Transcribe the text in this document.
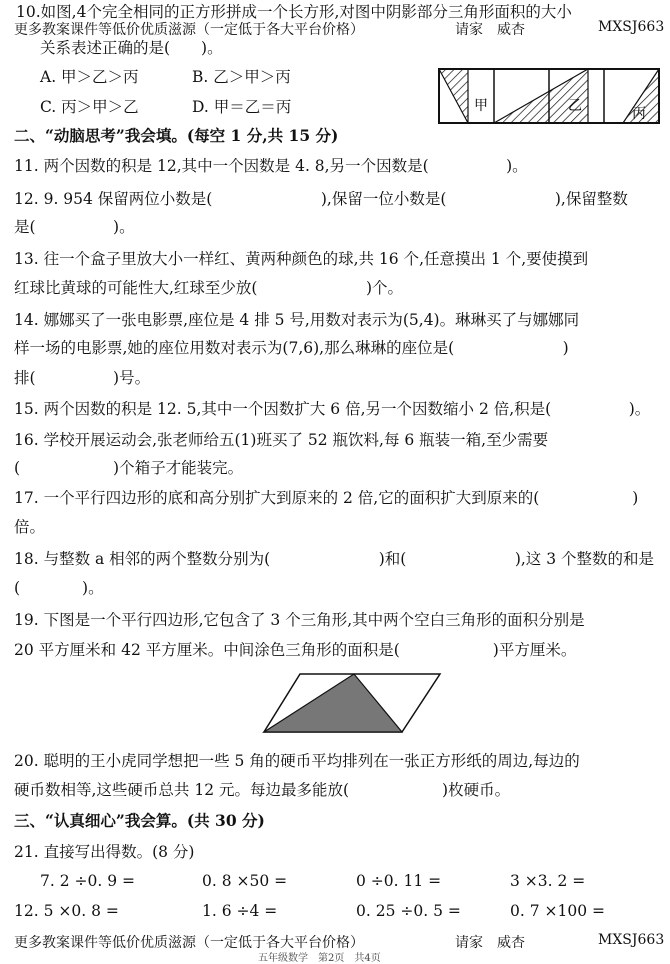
10.如图,4个完全相同的正方形拼成一个长方形,对图中阴影部分三角形面积的大小
更多教案课件等低价优质滋源（一定低于各大平台价格）	请家　威杏	MXSJ663
关系表述正确的是(　　)。
A. 甲＞乙＞丙	B. 乙＞甲＞丙
C. 丙＞甲＞乙	D. 甲＝乙＝丙	甲	乙	丙
二、“动脑思考”我会填。(每空 1 分,共 15 分)
11. 两个因数的积是 12,其中一个因数是 4. 8,另一个因数是(　　　　　)。
12. 9. 954 保留两位小数是(　　　　　　　),保留一位小数是(　　　　　　　),保留整数
是(　　　　　)。
13. 往一个盒子里放大小一样红、黄两种颜色的球,共 16 个,任意摸出 1 个,要使摸到
红球比黄球的可能性大,红球至少放(　　　　　　　)个。
14. 娜娜买了一张电影票,座位是 4 排 5 号,用数对表示为(5,4)。琳琳买了与娜娜同
样一场的电影票,她的座位用数对表示为(7,6),那么琳琳的座位是(　　　　　　　)
排(　　　　　)号。
15. 两个因数的积是 12. 5,其中一个因数扩大 6 倍,另一个因数缩小 2 倍,积是(　　　　　)。
16. 学校开展运动会,张老师给五(1)班买了 52 瓶饮料,每 6 瓶装一箱,至少需要
(　　　　　　)个箱子才能装完。
17. 一个平行四边形的底和高分别扩大到原来的 2 倍,它的面积扩大到原来的(　　　　　　)
倍。
18. 与整数 a 相邻的两个整数分别为(　　　　　　　)和(　　　　　　　),这 3 个整数的和是
(　　　　)。
19. 下图是一个平行四边形,它包含了 3 个三角形,其中两个空白三角形的面积分别是
20 平方厘米和 42 平方厘米。中间涂色三角形的面积是(　　　　　　)平方厘米。
20. 聪明的王小虎同学想把一些 5 角的硬币平均排列在一张正方形纸的周边,每边的
硬币数相等,这些硬币总共 12 元。每边最多能放(　　　　　　)枚硬币。
三、“认真细心”我会算。(共 30 分)
21. 直接写出得数。(8 分)
7. 2 ÷0. 9 =	0. 8 ×50 =	0 ÷0. 11 =	3 ×3. 2 =
12. 5 ×0. 8 =	1. 6 ÷4 =	0. 25 ÷0. 5 =	0. 7 ×100 =
更多教案课件等低价优质滋源（一定低于各大平台价格）	请家　威杏	MXSJ663
五年级数学　第2页　共4页
